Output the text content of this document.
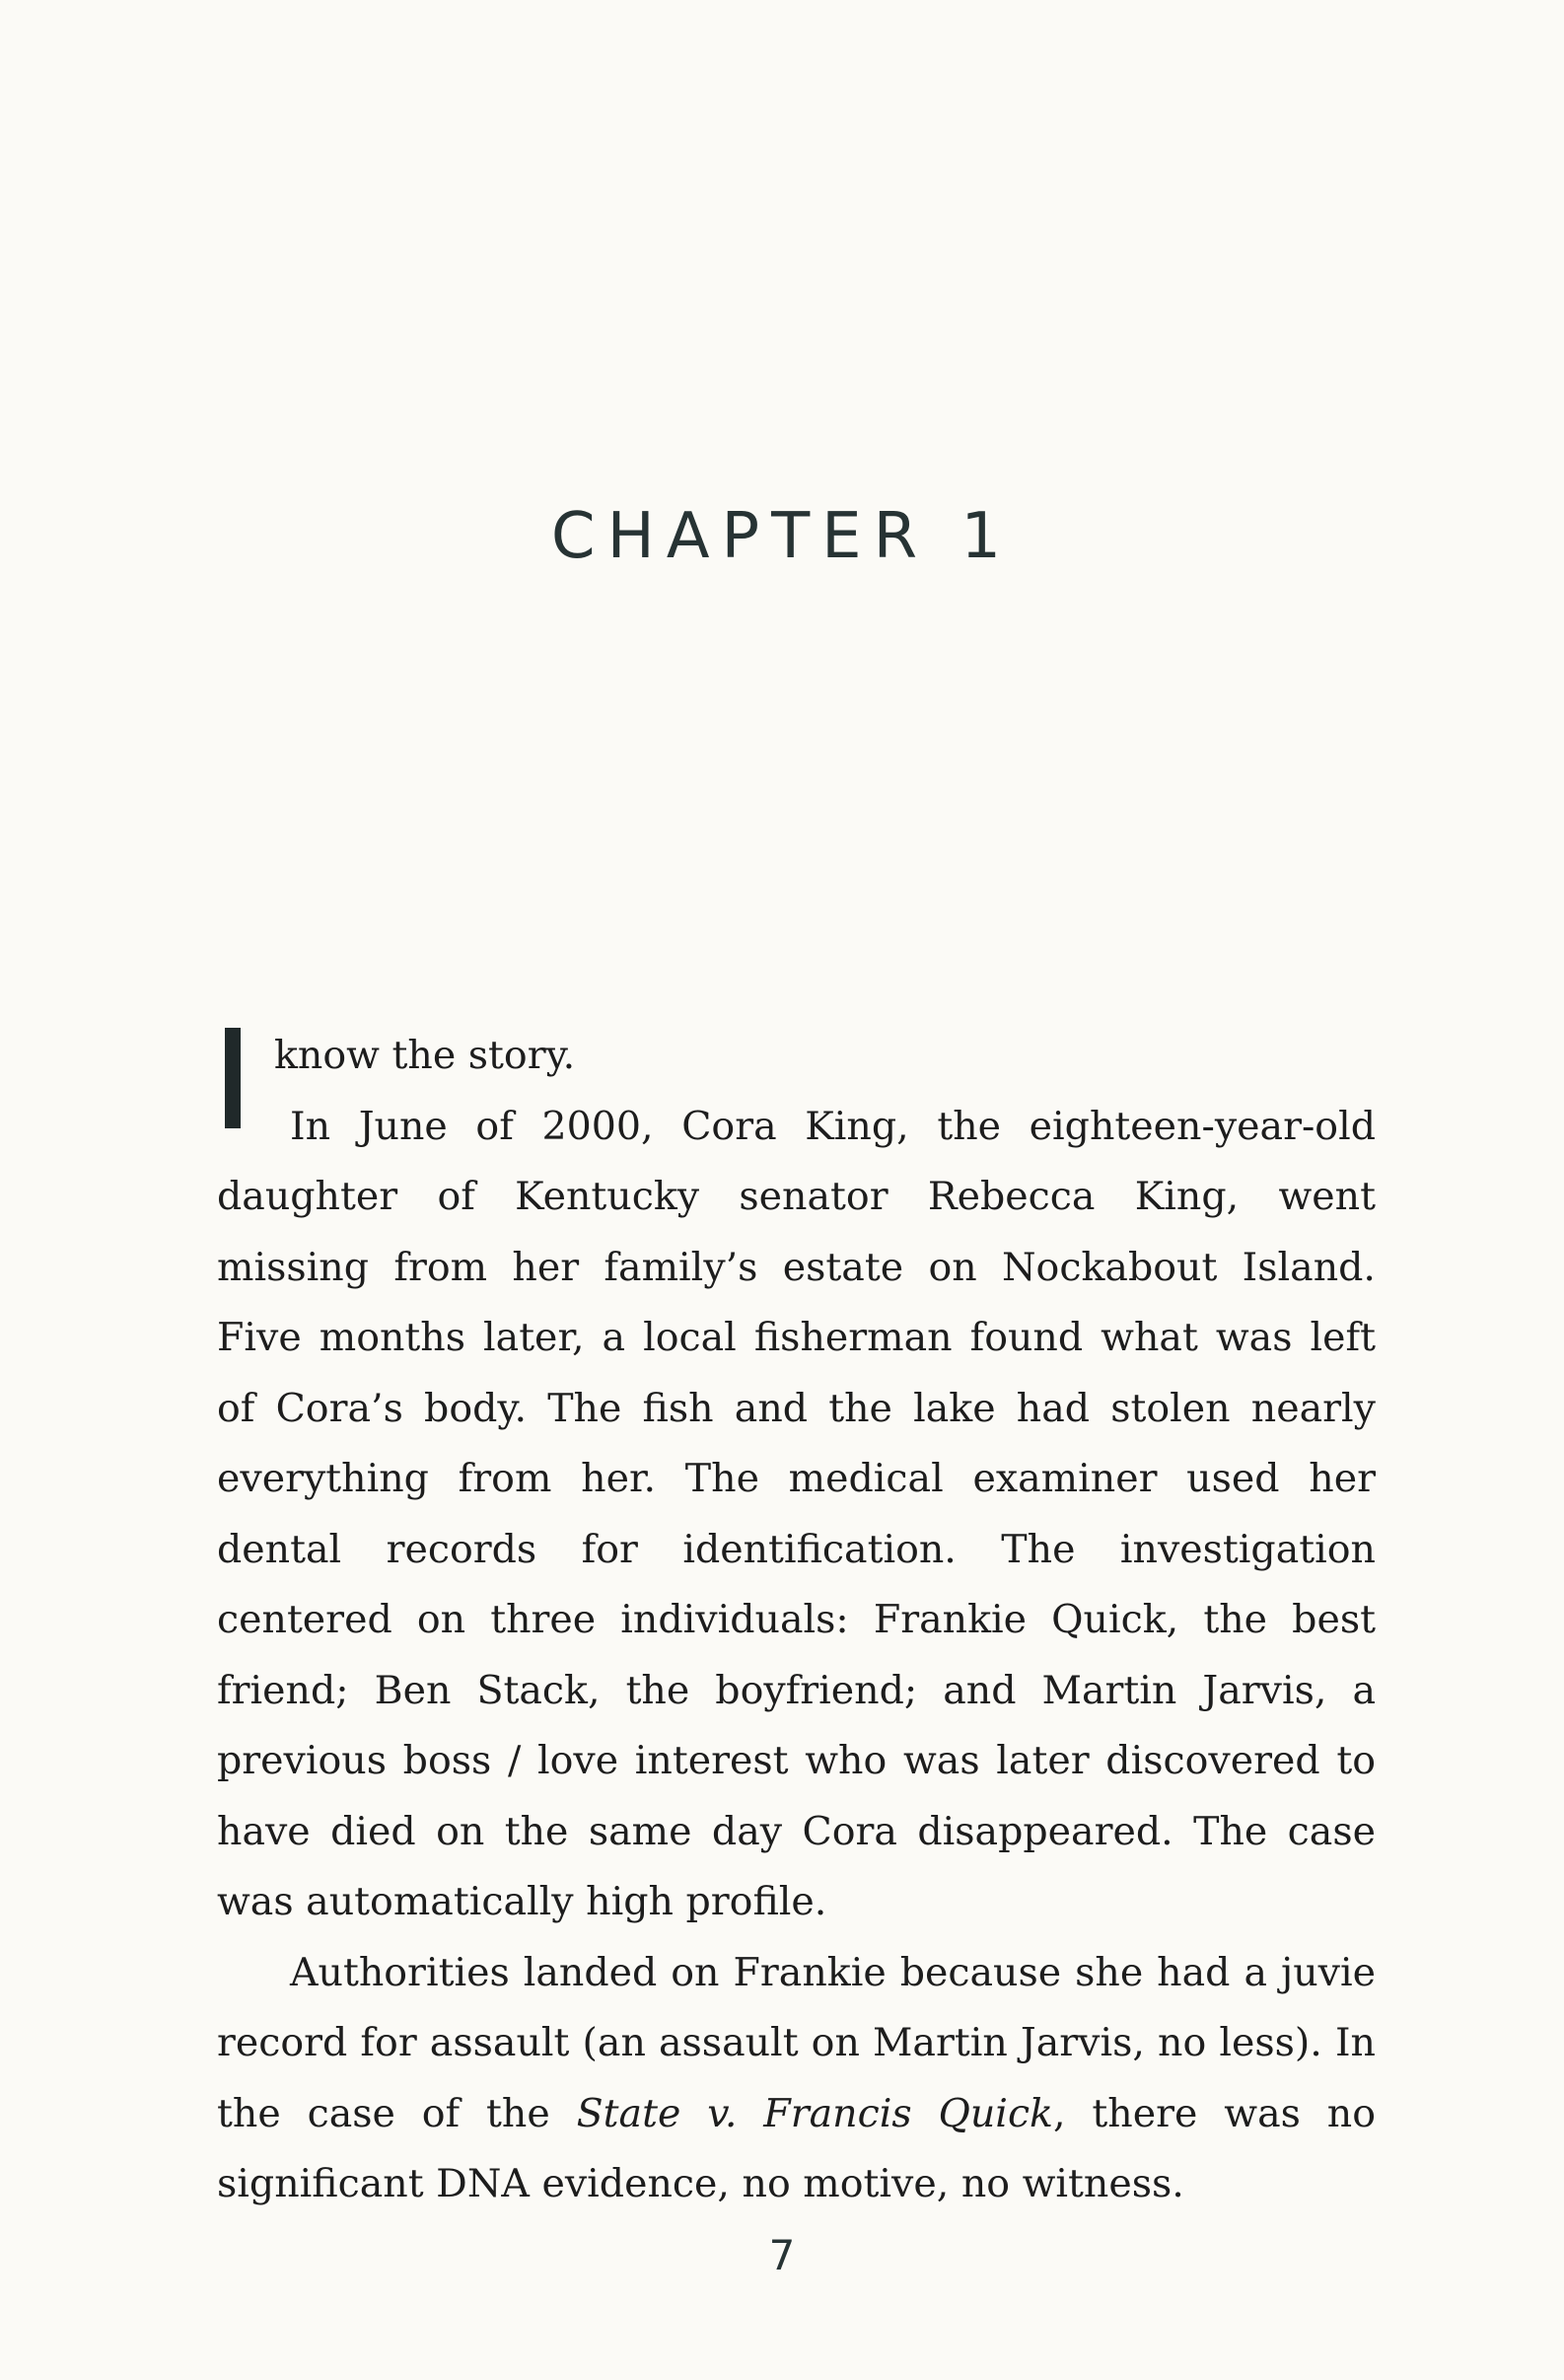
CHAPTER 1

know the story.

In June of 2000, Cora King, the eighteen-year-old daughter of Kentucky senator Rebecca King, went missing from her family’s estate on Nockabout Island. Five months later, a local fisherman found what was left of Cora’s body. The fish and the lake had stolen nearly everything from her. The medical examiner used her dental records for identification. The investigation centered on three individuals: Frankie Quick, the best friend; Ben Stack, the boyfriend; and Martin Jarvis, a previous boss / love interest who was later discovered to have died on the same day Cora disappeared. The case was automatically high profile.

Authorities landed on Frankie because she had a juvie record for assault (an assault on Martin Jarvis, no less). In the case of the State v. Francis Quick, there was no significant DNA evidence, no motive, no witness.

7
